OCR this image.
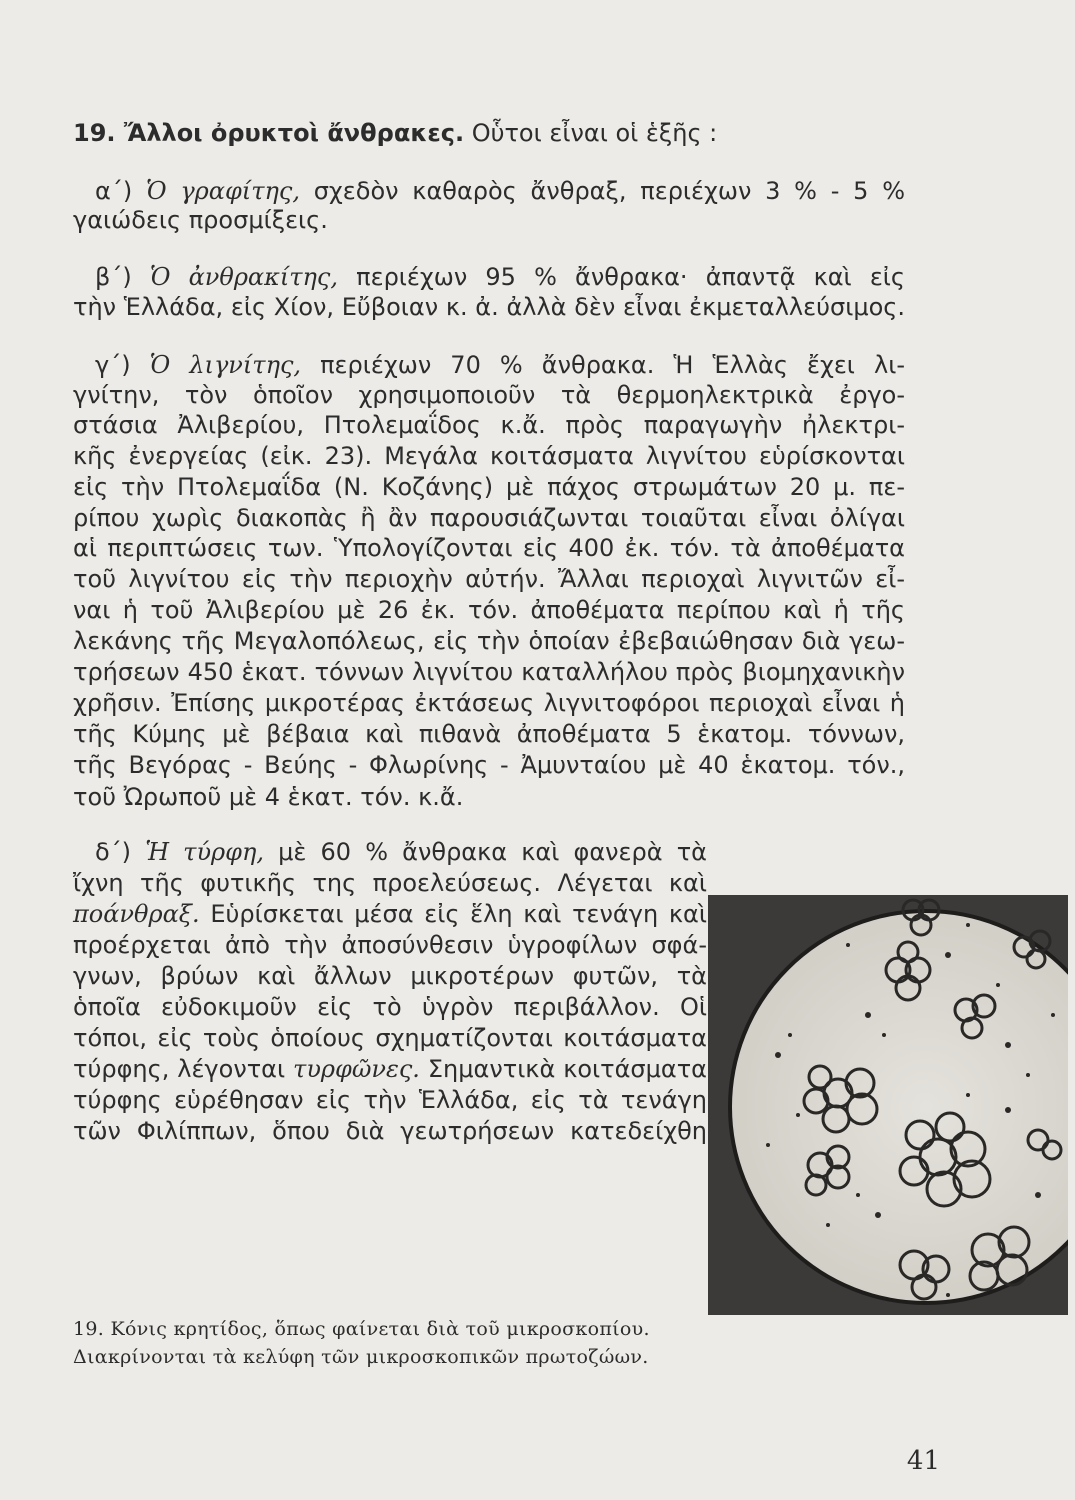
19. Ἄλλοι ὀρυκτοὶ ἄνθρακες. Οὗτοι εἶναι οἱ ἑξῆς :
α΄) Ὁ γραφίτης, σχεδὸν καθαρὸς ἄνθραξ, περιέχων 3 % - 5 %
γαιώδεις προσμίξεις.
β΄) Ὁ ἀνθρακίτης, περιέχων 95 % ἄνθρακα· ἀπαντᾷ καὶ εἰς
τὴν Ἑλλάδα, εἰς Χίον, Εὔβοιαν κ. ἀ. ἀλλὰ δὲν εἶναι ἐκμεταλλεύσιμος.
γ΄) Ὁ λιγνίτης, περιέχων 70 % ἄνθρακα. Ἡ Ἑλλὰς ἔχει λι-
γνίτην, τὸν ὁποῖον χρησιμοποιοῦν τὰ θερμοηλεκτρικὰ ἐργο-
στάσια Ἀλιβερίου, Πτολεμαΐδος κ.ἄ. πρὸς παραγωγὴν ἠλεκτρι-
κῆς ἐνεργείας (εἰκ. 23). Μεγάλα κοιτάσματα λιγνίτου εὑρίσκονται
εἰς τὴν Πτολεμαΐδα (Ν. Κοζάνης) μὲ πάχος στρωμάτων 20 μ. πε-
ρίπου χωρὶς διακοπὰς ἢ ἂν παρουσιάζωνται τοιαῦται εἶναι ὀλίγαι
αἱ περιπτώσεις των. Ὑπολογίζονται εἰς 400 ἐκ. τόν. τὰ ἀποθέματα
τοῦ λιγνίτου εἰς τὴν περιοχὴν αὐτήν. Ἄλλαι περιοχαὶ λιγνιτῶν εἶ-
ναι ἡ τοῦ Ἀλιβερίου μὲ 26 ἐκ. τόν. ἀποθέματα περίπου καὶ ἡ τῆς
λεκάνης τῆς Μεγαλοπόλεως, εἰς τὴν ὁποίαν ἐβεβαιώθησαν διὰ γεω-
τρήσεων 450 ἑκατ. τόννων λιγνίτου καταλλήλου πρὸς βιομηχανικὴν
χρῆσιν. Ἐπίσης μικροτέρας ἐκτάσεως λιγνιτοφόροι περιοχαὶ εἶναι ἡ
τῆς Κύμης μὲ βέβαια καὶ πιθανὰ ἀποθέματα 5 ἑκατομ. τόννων,
τῆς Βεγόρας - Βεύης - Φλωρίνης - Ἀμυνταίου μὲ 40 ἑκατομ. τόν.,
τοῦ Ὠρωποῦ μὲ 4 ἑκατ. τόν. κ.ἄ.
δ΄) Ἡ τύρφη, μὲ 60 % ἄνθρακα καὶ φανερὰ τὰ
ἴχνη τῆς φυτικῆς της προελεύσεως. Λέγεται καὶ
ποάνθραξ. Εὑρίσκεται μέσα εἰς ἕλη καὶ τενάγη καὶ
προέρχεται ἀπὸ τὴν ἀποσύνθεσιν ὑγροφίλων σφά-
γνων, βρύων καὶ ἄλλων μικροτέρων φυτῶν, τὰ
ὁποῖα εὐδοκιμοῦν εἰς τὸ ὑγρὸν περιβάλλον. Οἱ
τόποι, εἰς τοὺς ὁποίους σχηματίζονται κοιτάσματα
τύρφης, λέγονται τυρφῶνες. Σημαντικὰ κοιτάσματα
τύρφης εὑρέθησαν εἰς τὴν Ἑλλάδα, εἰς τὰ τενάγη
τῶν Φιλίππων, ὅπου διὰ γεωτρήσεων κατεδείχθη
19. Κόνις κρητίδος, ὅπως φαίνεται διὰ τοῦ μικροσκοπίου.
Διακρίνονται τὰ κελύφη τῶν μικροσκοπικῶν πρωτοζώων.
41
